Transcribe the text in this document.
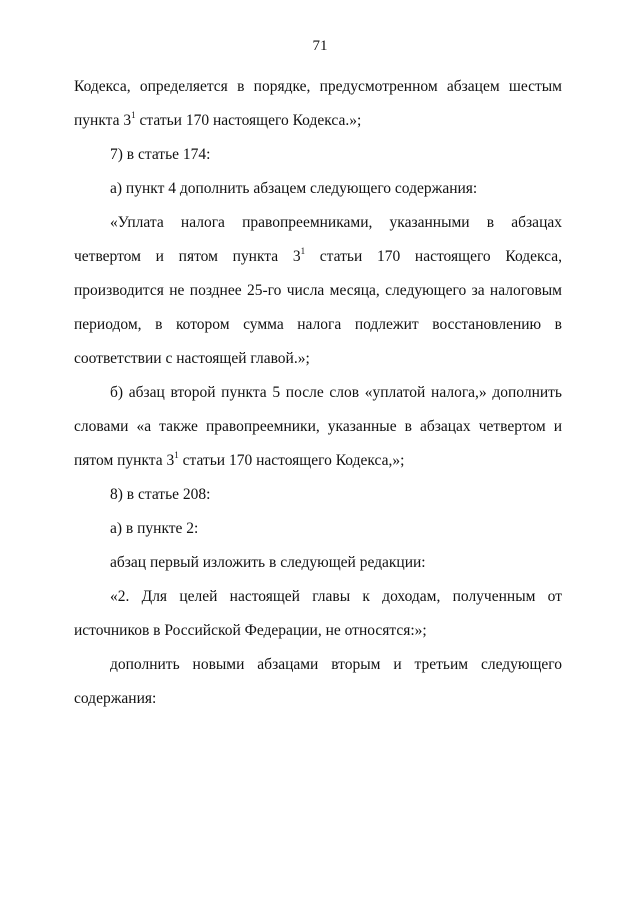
71

Кодекса, определяется в порядке, предусмотренном абзацем шестым пункта $3^1$ статьи 170 настоящего Кодекса.»;

7) в статье 174:

а) пункт 4 дополнить абзацем следующего содержания:

«Уплата налога правопреемниками, указанными в абзацах четвертом и пятом пункта $3^1$ статьи 170 настоящего Кодекса, производится не позднее 25-го числа месяца, следующего за налоговым периодом, в котором сумма налога подлежит восстановлению в соответствии с настоящей главой.»;

б) абзац второй пункта 5 после слов «уплатой налога,» дополнить словами «а также правопреемники, указанные в абзацах четвертом и пятом пункта $3^1$ статьи 170 настоящего Кодекса,»;

8) в статье 208:

а) в пункте 2:

абзац первый изложить в следующей редакции:

«2. Для целей настоящей главы к доходам, полученным от источников в Российской Федерации, не относятся:»;

дополнить новыми абзацами вторым и третьим следующего содержания:
